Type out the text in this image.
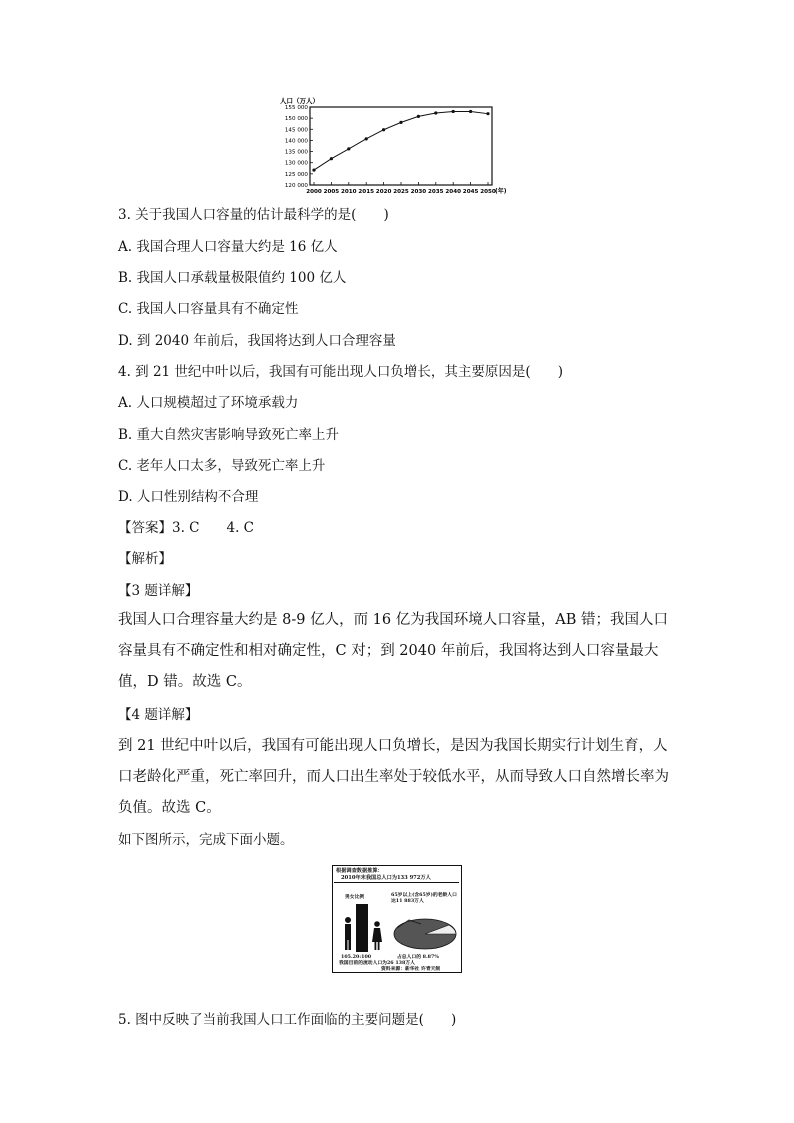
人口（万人）
155 000
150 000
145 000
140 000
135 000
130 000
125 000
120 000
2000 2005 2010 2015 2020 2025 2030 2035 2040 2045 2050 (年)
3. 关于我国人口容量的估计最科学的是(　　)
A. 我国合理人口容量大约是 16 亿人
B. 我国人口承载量极限值约 100 亿人
C. 我国人口容量具有不确定性
D. 到 2040 年前后，我国将达到人口合理容量
4. 到 21 世纪中叶以后，我国有可能出现人口负增长，其主要原因是(　　)
A. 人口规模超过了环境承载力
B. 重大自然灾害影响导致死亡率上升
C. 老年人口太多，导致死亡率上升
D. 人口性别结构不合理
【答案】3. C　　4. C
【解析】
【3 题详解】
我国人口合理容量大约是 8-9 亿人，而 16 亿为我国环境人口容量，AB 错；我国人口容量具有不确定性和相对确定性，C 对；到 2040 年前后，我国将达到人口容量最大值，D 错。故选 C。
【4 题详解】
到 21 世纪中叶以后，我国有可能出现人口负增长，是因为我国长期实行计划生育，人口老龄化严重，死亡率回升，而人口出生率处于较低水平，从而导致人口自然增长率为负值。故选 C。
如下图所示，完成下面小题。
根据调查数据推算：
2010年末我国总人口为133 972万人
男女比例
105.20:100
65岁以上(含65岁)的老龄人口达11 883万人
占总人口的 8.87%
我国目前的流动人口为26 138万人
资料来源：新华社 许青天制
5. 图中反映了当前我国人口工作面临的主要问题是(　　)
